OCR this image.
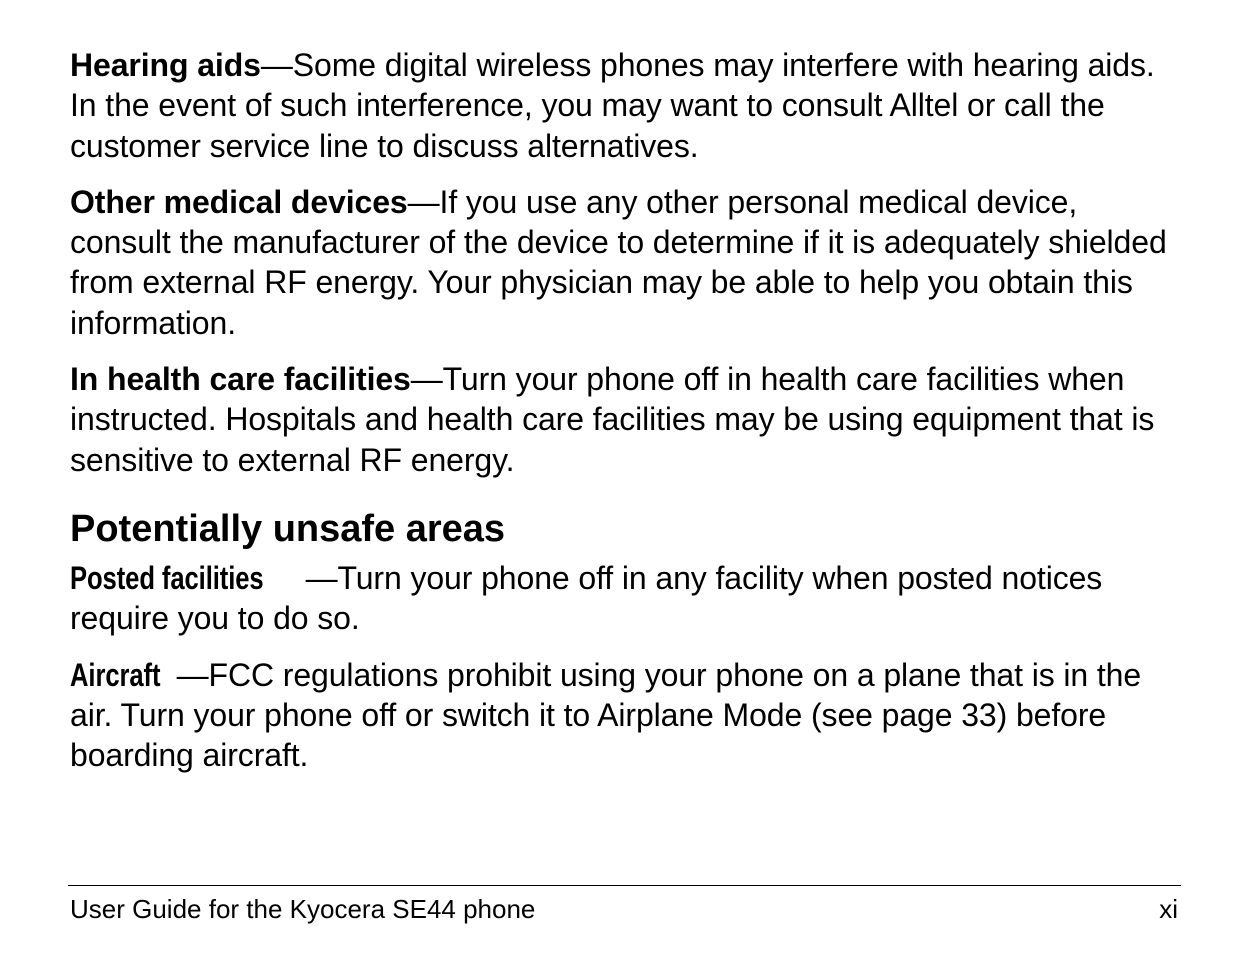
Hearing aids—Some digital wireless phones may interfere with hearing aids. In the event of such interference, you may want to consult Alltel or call the customer service line to discuss alternatives.

Other medical devices—If you use any other personal medical device, consult the manufacturer of the device to determine if it is adequately shielded from external RF energy. Your physician may be able to help you obtain this information.

In health care facilities—Turn your phone off in health care facilities when instructed. Hospitals and health care facilities may be using equipment that is sensitive to external RF energy.

Potentially unsafe areas

Posted facilities —Turn your phone off in any facility when posted notices require you to do so.

Aircraft —FCC regulations prohibit using your phone on a plane that is in the air. Turn your phone off or switch it to Airplane Mode (see page 33) before boarding aircraft.

User Guide for the Kyocera SE44 phone	xi
